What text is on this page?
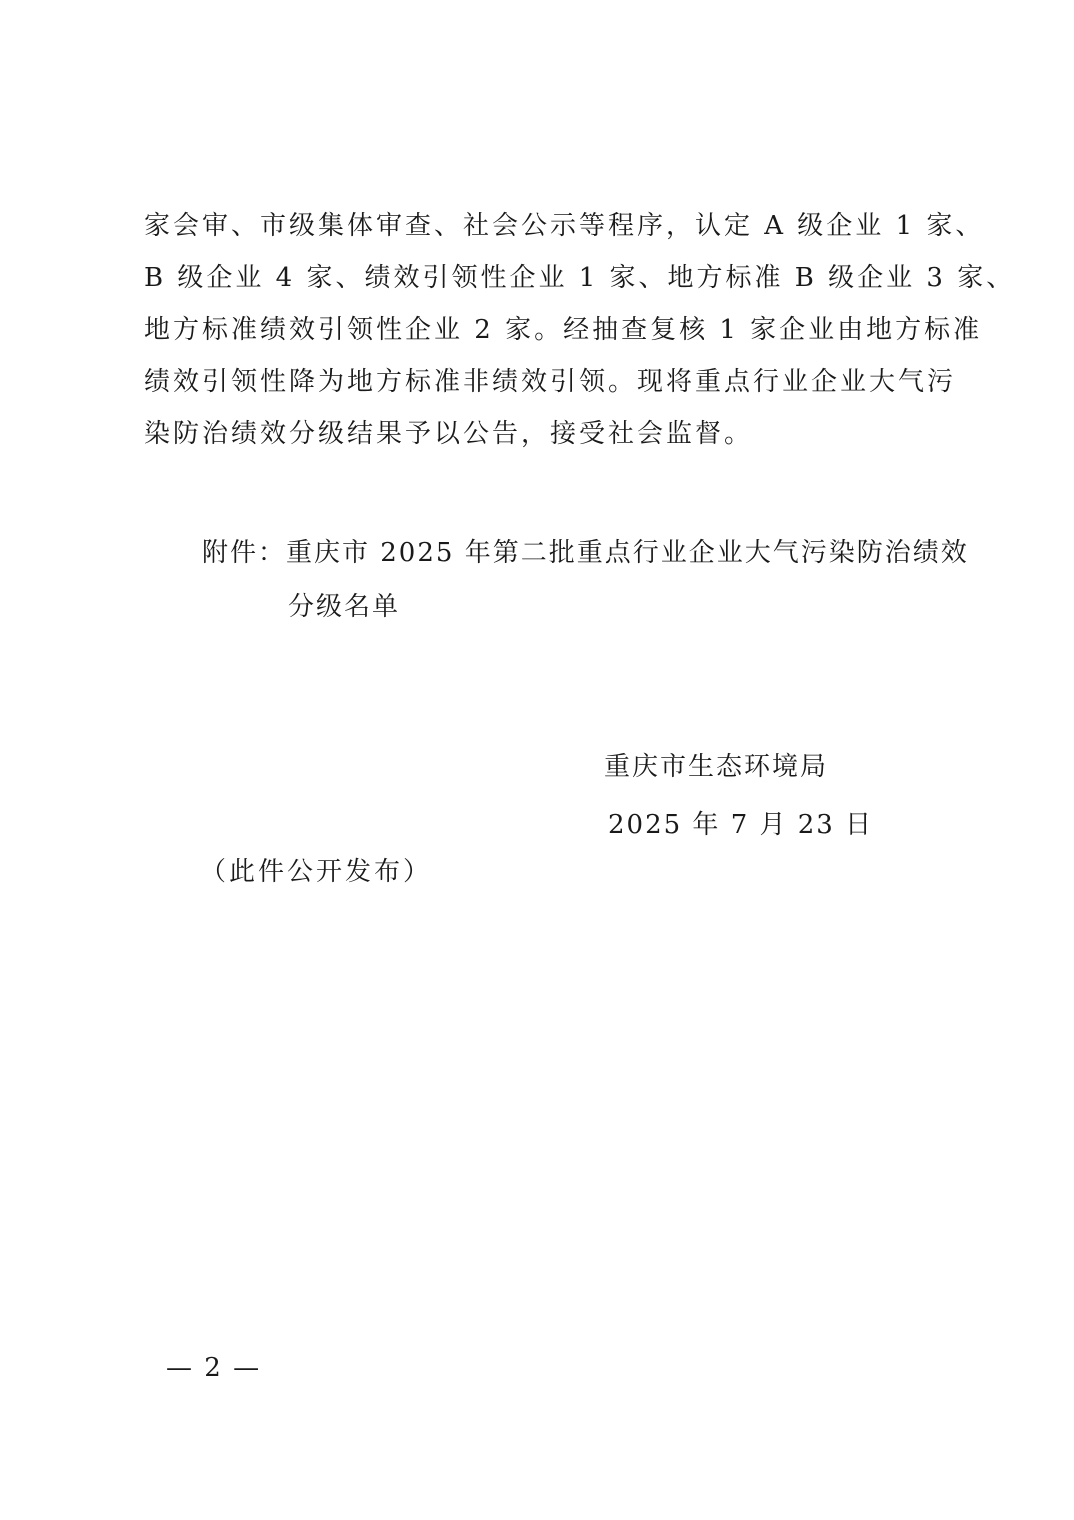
家会审、市级集体审查、社会公示等程序，认定 A 级企业 1 家、
B 级企业 4 家、绩效引领性企业 1 家、地方标准 B 级企业 3 家、
地方标准绩效引领性企业 2 家。经抽查复核 1 家企业由地方标准
绩效引领性降为地方标准非绩效引领。现将重点行业企业大气污
染防治绩效分级结果予以公告，接受社会监督。
附件：重庆市 2025 年第二批重点行业企业大气污染防治绩效
分级名单
重庆市生态环境局
2025 年 7 月 23 日
（此件公开发布）
— 2 —
